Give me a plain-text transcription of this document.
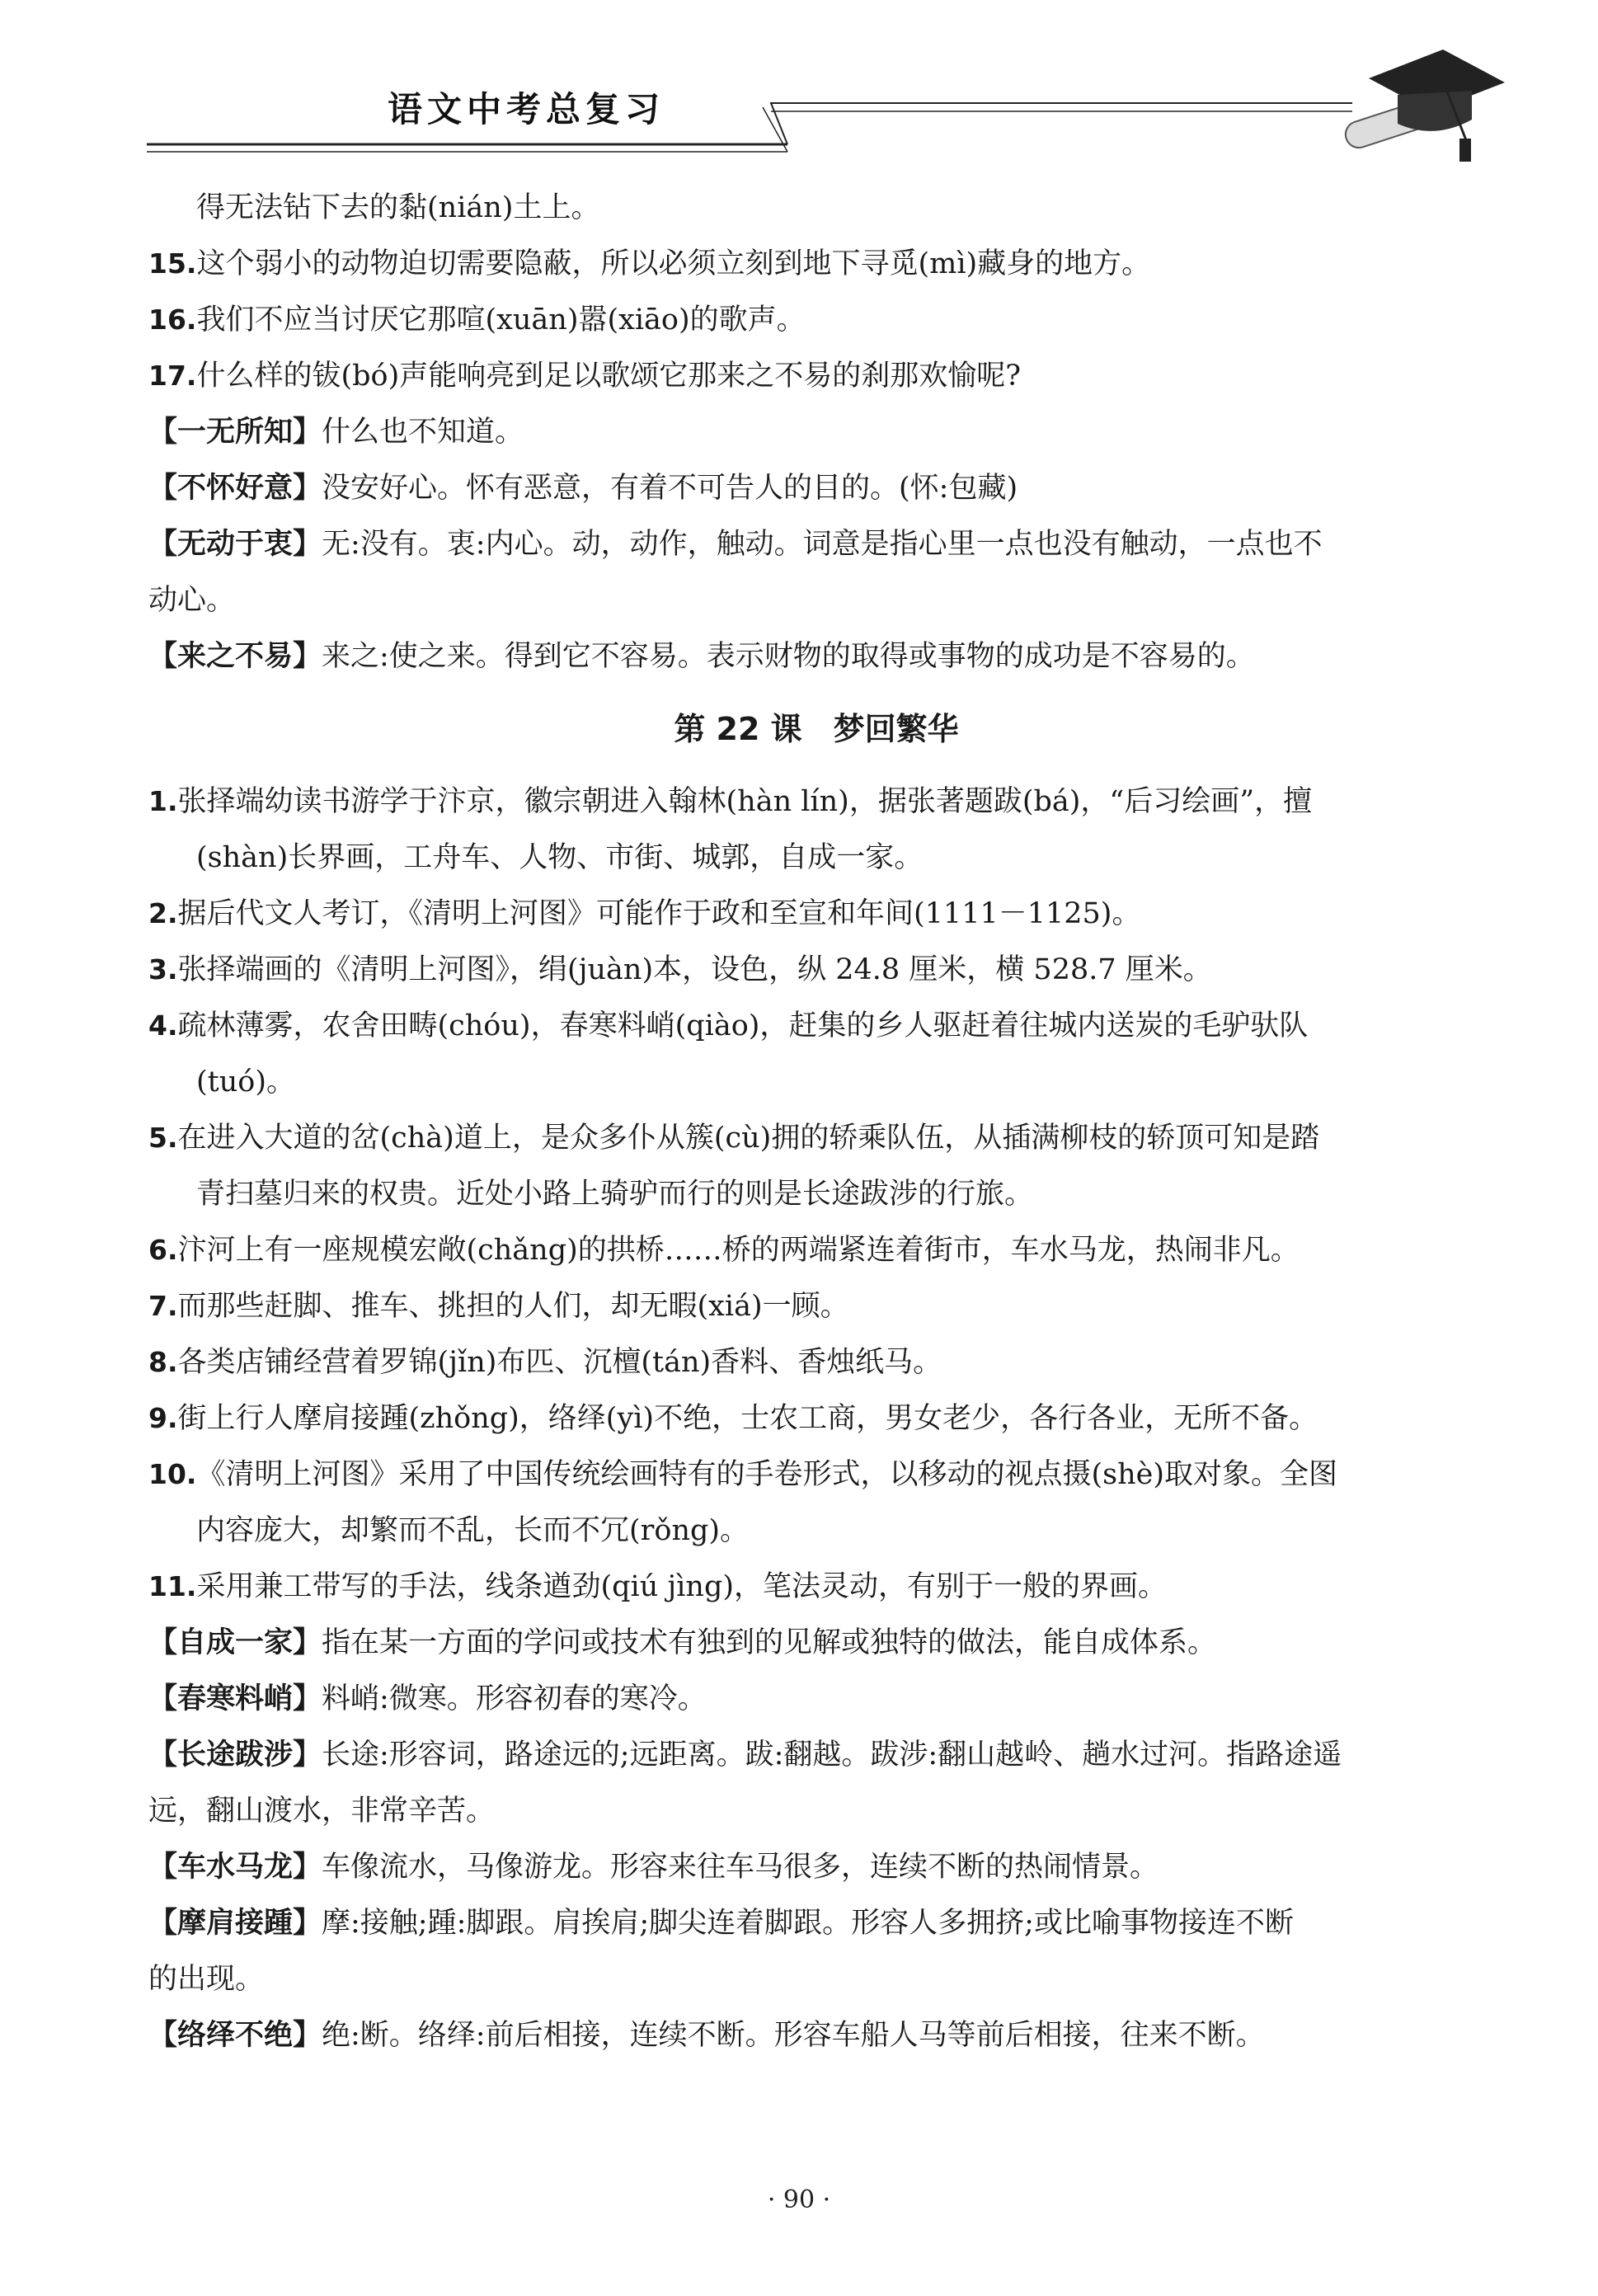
语文中考总复习
得无法钻下去的黏(nián)土上。
15.这个弱小的动物迫切需要隐蔽，所以必须立刻到地下寻觅(mì)藏身的地方。
16.我们不应当讨厌它那喧(xuān)嚣(xiāo)的歌声。
17.什么样的钹(bó)声能响亮到足以歌颂它那来之不易的刹那欢愉呢?
【一无所知】什么也不知道。
【不怀好意】没安好心。怀有恶意，有着不可告人的目的。(怀:包藏)
【无动于衷】无:没有。衷:内心。动，动作，触动。词意是指心里一点也没有触动，一点也不
动心。
【来之不易】来之:使之来。得到它不容易。表示财物的取得或事物的成功是不容易的。
第 22 课　梦回繁华
1.张择端幼读书游学于汴京，徽宗朝进入翰林(hàn lín)，据张著题跋(bá)，“后习绘画”，擅
(shàn)长界画，工舟车、人物、市街、城郭，自成一家。
2.据后代文人考订，《清明上河图》可能作于政和至宣和年间(1111－1125)。
3.张择端画的《清明上河图》，绢(juàn)本，设色，纵 24.8 厘米，横 528.7 厘米。
4.疏林薄雾，农舍田畴(chóu)，春寒料峭(qiào)，赶集的乡人驱赶着往城内送炭的毛驴驮队
(tuó)。
5.在进入大道的岔(chà)道上，是众多仆从簇(cù)拥的轿乘队伍，从插满柳枝的轿顶可知是踏
青扫墓归来的权贵。近处小路上骑驴而行的则是长途跋涉的行旅。
6.汴河上有一座规模宏敞(chǎng)的拱桥……桥的两端紧连着街市，车水马龙，热闹非凡。
7.而那些赶脚、推车、挑担的人们，却无暇(xiá)一顾。
8.各类店铺经营着罗锦(jǐn)布匹、沉檀(tán)香料、香烛纸马。
9.街上行人摩肩接踵(zhǒng)，络绎(yì)不绝，士农工商，男女老少，各行各业，无所不备。
10.《清明上河图》采用了中国传统绘画特有的手卷形式，以移动的视点摄(shè)取对象。全图
内容庞大，却繁而不乱，长而不冗(rǒng)。
11.采用兼工带写的手法，线条遒劲(qiú jìng)，笔法灵动，有别于一般的界画。
【自成一家】指在某一方面的学问或技术有独到的见解或独特的做法，能自成体系。
【春寒料峭】料峭:微寒。形容初春的寒冷。
【长途跋涉】长途:形容词，路途远的;远距离。跋:翻越。跋涉:翻山越岭、趟水过河。指路途遥
远，翻山渡水，非常辛苦。
【车水马龙】车像流水，马像游龙。形容来往车马很多，连续不断的热闹情景。
【摩肩接踵】摩:接触;踵:脚跟。肩挨肩;脚尖连着脚跟。形容人多拥挤;或比喻事物接连不断
的出现。
【络绎不绝】绝:断。络绎:前后相接，连续不断。形容车船人马等前后相接，往来不断。
· 90 ·
